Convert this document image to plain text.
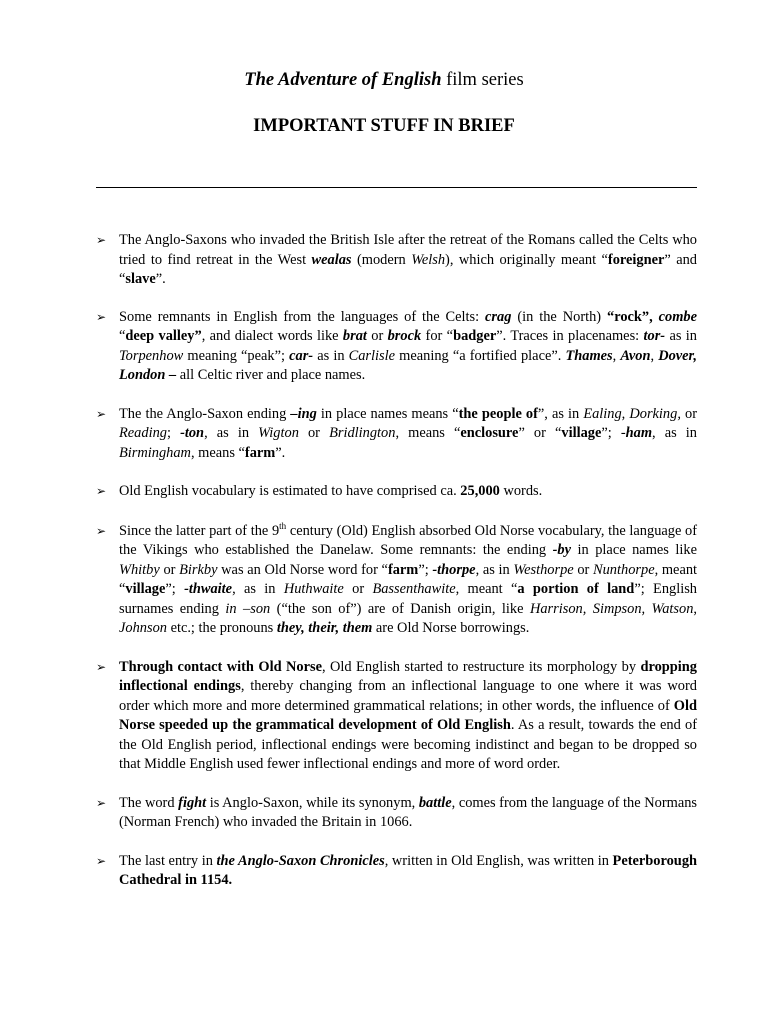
The Adventure of English film series
IMPORTANT STUFF IN BRIEF
➢ The Anglo-Saxons who invaded the British Isle after the retreat of the Romans called the Celts who tried to find retreat in the West wealas (modern Welsh), which originally meant “foreigner” and “slave”.
➢ Some remnants in English from the languages of the Celts: crag (in the North) “rock”, combe “deep valley”, and dialect words like brat or brock for “badger”. Traces in placenames: tor- as in Torpenhow meaning “peak”; car- as in Carlisle meaning “a fortified place”. Thames, Avon, Dover, London – all Celtic river and place names.
➢ The the Anglo-Saxon ending –ing in place names means “the people of”, as in Ealing, Dorking, or Reading; -ton, as in Wigton or Bridlington, means “enclosure” or “village”; -ham, as in Birmingham, means “farm”.
➢ Old English vocabulary is estimated to have comprised ca. 25,000 words.
➢ Since the latter part of the 9th century (Old) English absorbed Old Norse vocabulary, the language of the Vikings who established the Danelaw. Some remnants: the ending -by in place names like Whitby or Birkby was an Old Norse word for “farm”; -thorpe, as in Westhorpe or Nunthorpe, meant “village”; -thwaite, as in Huthwaite or Bassenthawite, meant “a portion of land”; English surnames ending in –son (“the son of”) are of Danish origin, like Harrison, Simpson, Watson, Johnson etc.; the pronouns they, their, them are Old Norse borrowings.
➢ Through contact with Old Norse, Old English started to restructure its morphology by dropping inflectional endings, thereby changing from an inflectional language to one where it was word order which more and more determined grammatical relations; in other words, the influence of Old Norse speeded up the grammatical development of Old English. As a result, towards the end of the Old English period, inflectional endings were becoming indistinct and began to be dropped so that Middle English used fewer inflectional endings and more of word order.
➢ The word fight is Anglo-Saxon, while its synonym, battle, comes from the language of the Normans (Norman French) who invaded the Britain in 1066.
➢ The last entry in the Anglo-Saxon Chronicles, written in Old English, was written in Peterborough Cathedral in 1154.
